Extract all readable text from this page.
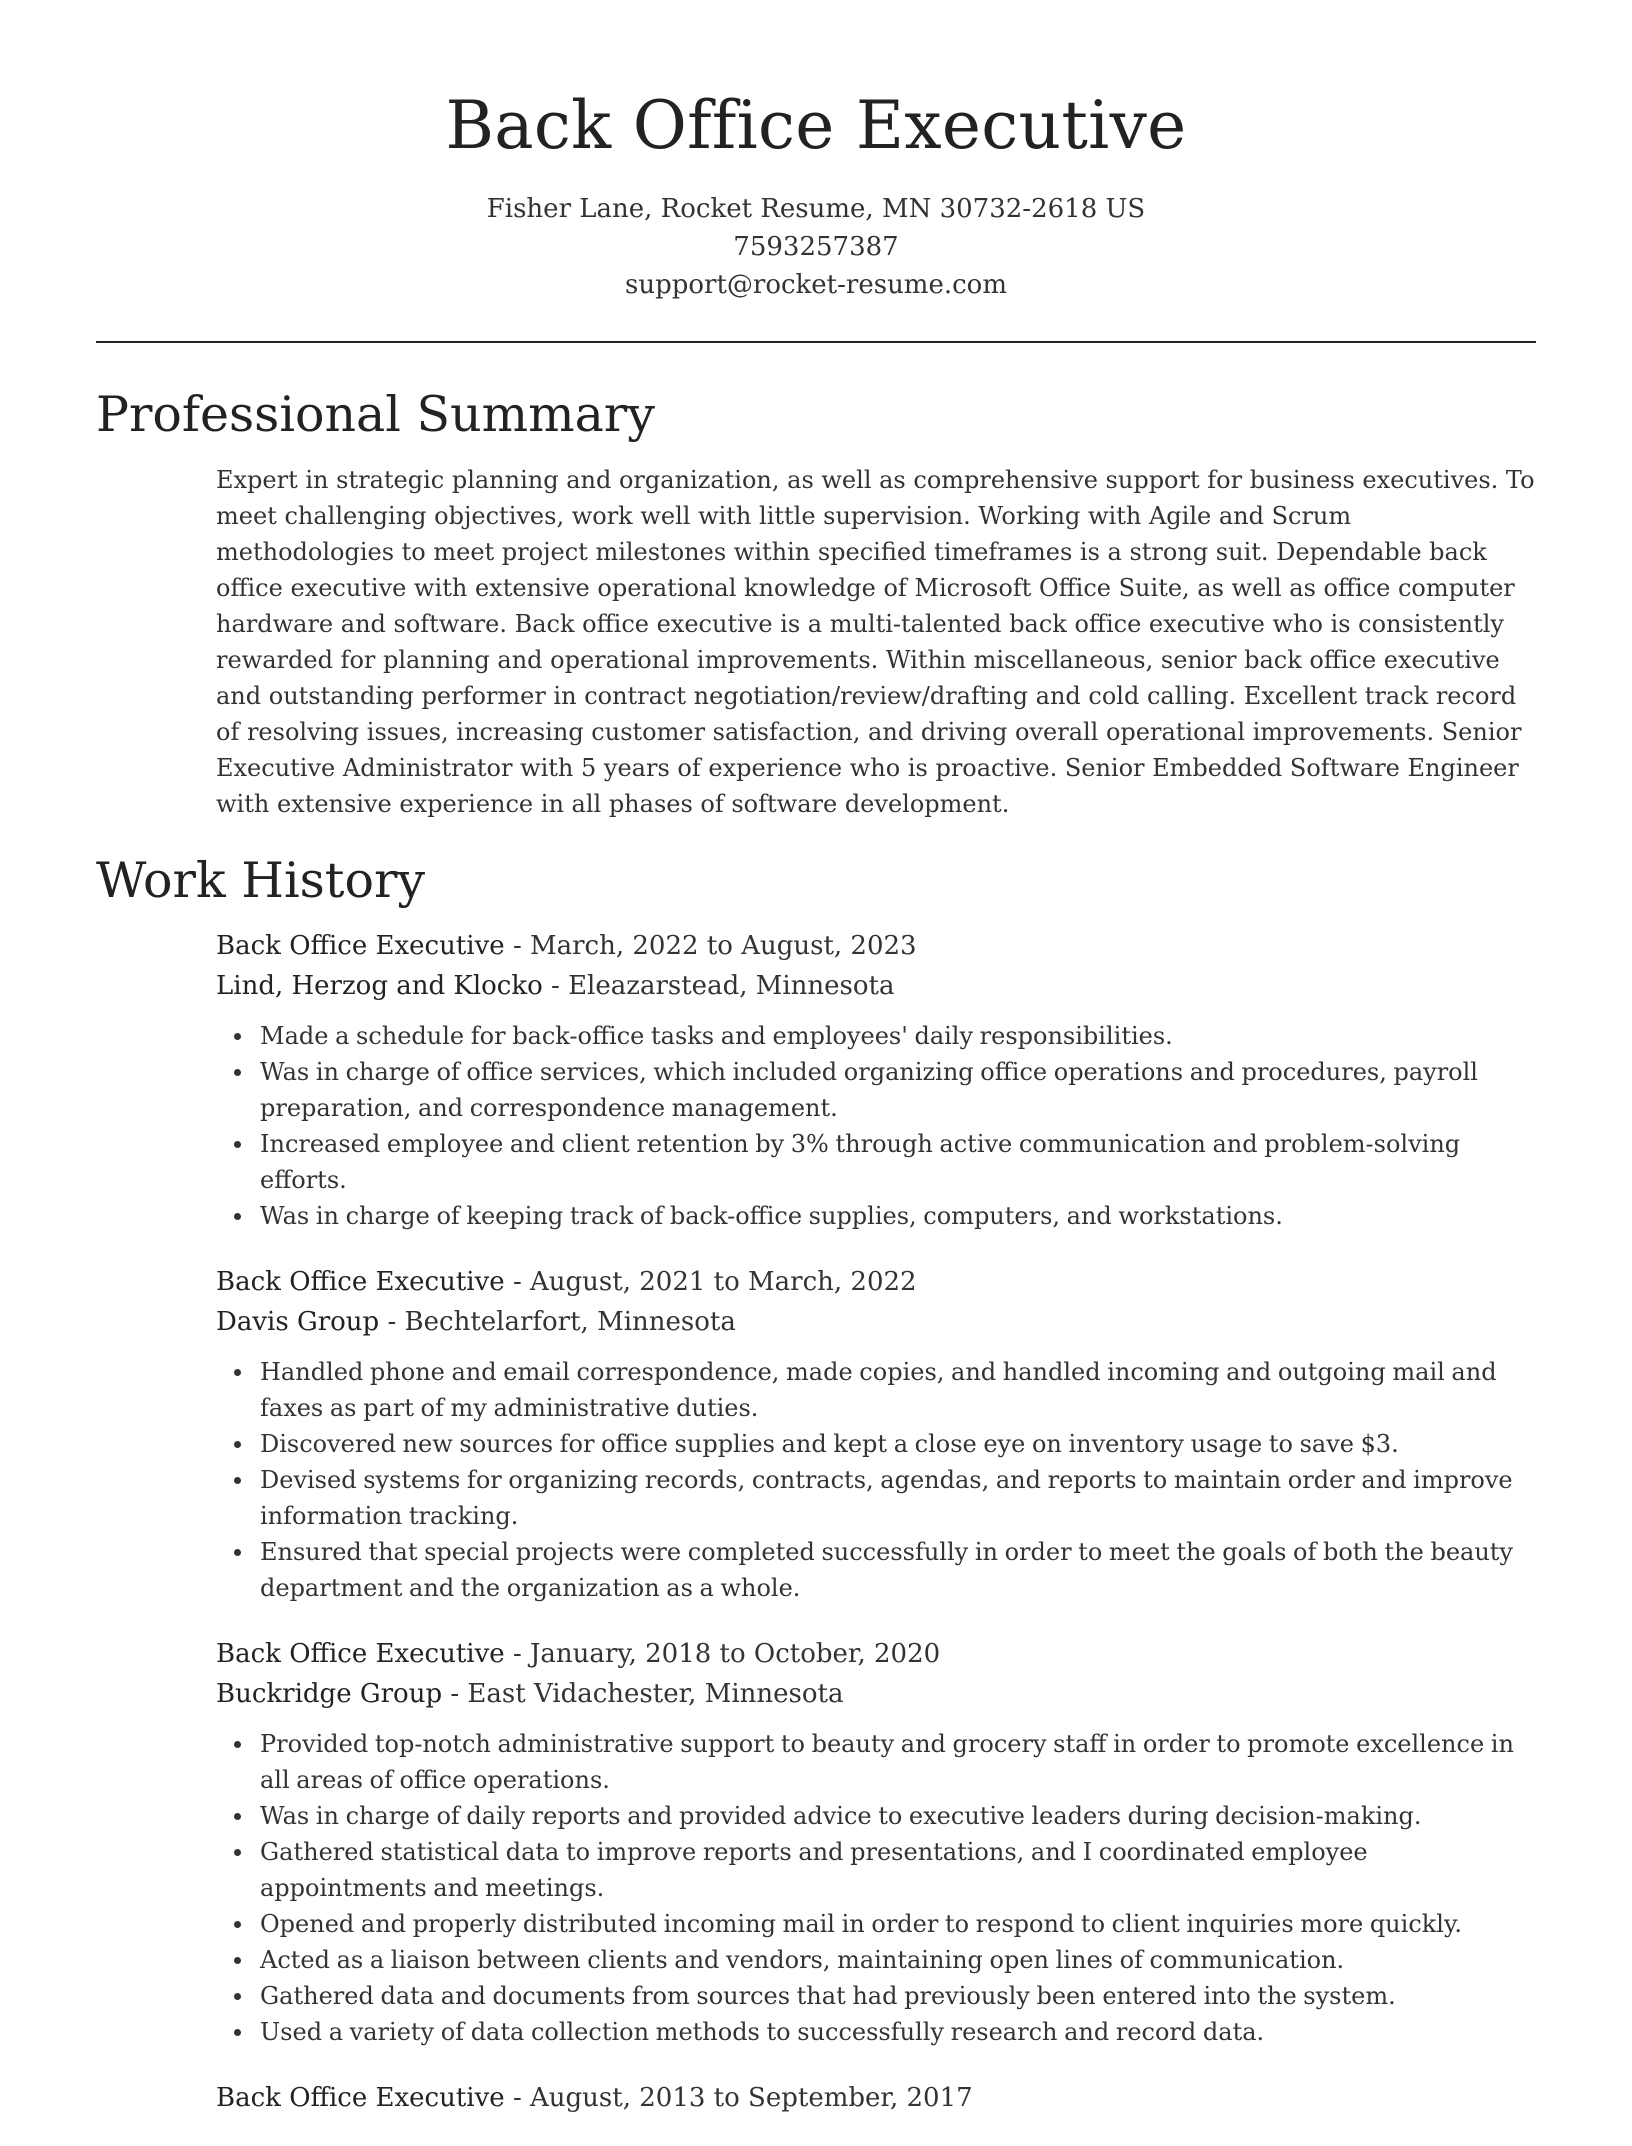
Back Office Executive
Fisher Lane, Rocket Resume, MN 30732-2618 US
7593257387
support@rocket-resume.com
Professional Summary

Expert in strategic planning and organization, as well as comprehensive support for business executives. To meet challenging objectives, work well with little supervision. Working with Agile and Scrum methodologies to meet project milestones within specified timeframes is a strong suit. Dependable back office executive with extensive operational knowledge of Microsoft Office Suite, as well as office computer hardware and software. Back office executive is a multi-talented back office executive who is consistently rewarded for planning and operational improvements. Within miscellaneous, senior back office executive and outstanding performer in contract negotiation/review/drafting and cold calling. Excellent track record of resolving issues, increasing customer satisfaction, and driving overall operational improvements. Senior Executive Administrator with 5 years of experience who is proactive. Senior Embedded Software Engineer with extensive experience in all phases of software development.

Work History
Back Office Executive - March, 2022 to August, 2023
Lind, Herzog and Klocko - Eleazarstead, Minnesota
Made a schedule for back-office tasks and employees' daily responsibilities.
Was in charge of office services, which included organizing office operations and procedures, payroll preparation, and correspondence management.
Increased employee and client retention by 3% through active communication and problem-solving efforts.
Was in charge of keeping track of back-office supplies, computers, and workstations.
Back Office Executive - August, 2021 to March, 2022
Davis Group - Bechtelarfort, Minnesota
Handled phone and email correspondence, made copies, and handled incoming and outgoing mail and faxes as part of my administrative duties.
Discovered new sources for office supplies and kept a close eye on inventory usage to save $3.
Devised systems for organizing records, contracts, agendas, and reports to maintain order and improve information tracking.
Ensured that special projects were completed successfully in order to meet the goals of both the beauty department and the organization as a whole.
Back Office Executive - January, 2018 to October, 2020
Buckridge Group - East Vidachester, Minnesota
Provided top-notch administrative support to beauty and grocery staff in order to promote excellence in all areas of office operations.
Was in charge of daily reports and provided advice to executive leaders during decision-making.
Gathered statistical data to improve reports and presentations, and I coordinated employee appointments and meetings.
Opened and properly distributed incoming mail in order to respond to client inquiries more quickly.
Acted as a liaison between clients and vendors, maintaining open lines of communication.
Gathered data and documents from sources that had previously been entered into the system.
Used a variety of data collection methods to successfully research and record data.
Back Office Executive - August, 2013 to September, 2017
